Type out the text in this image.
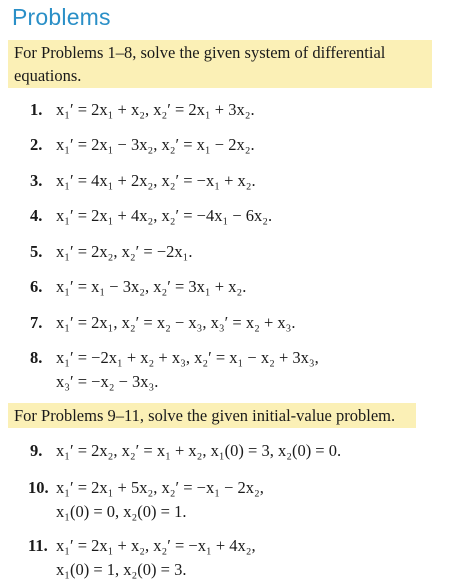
Problems
For Problems 1–8, solve the given system of differential equations.
1. x₁′ = 2x₁ + x₂, x₂′ = 2x₁ + 3x₂.
2. x₁′ = 2x₁ − 3x₂, x₂′ = x₁ − 2x₂.
3. x₁′ = 4x₁ + 2x₂, x₂′ = −x₁ + x₂.
4. x₁′ = 2x₁ + 4x₂, x₂′ = −4x₁ − 6x₂.
5. x₁′ = 2x₂, x₂′ = −2x₁.
6. x₁′ = x₁ − 3x₂, x₂′ = 3x₁ + x₂.
7. x₁′ = 2x₁, x₂′ = x₂ − x₃, x₃′ = x₂ + x₃.
8. x₁′ = −2x₁ + x₂ + x₃, x₂′ = x₁ − x₂ + 3x₃,
x₃′ = −x₂ − 3x₃.
For Problems 9–11, solve the given initial-value problem.
9. x₁′ = 2x₂, x₂′ = x₁ + x₂, x₁(0) = 3, x₂(0) = 0.
10. x₁′ = 2x₁ + 5x₂, x₂′ = −x₁ − 2x₂,
x₁(0) = 0, x₂(0) = 1.
11. x₁′ = 2x₁ + x₂, x₂′ = −x₁ + 4x₂,
x₁(0) = 1, x₂(0) = 3.
